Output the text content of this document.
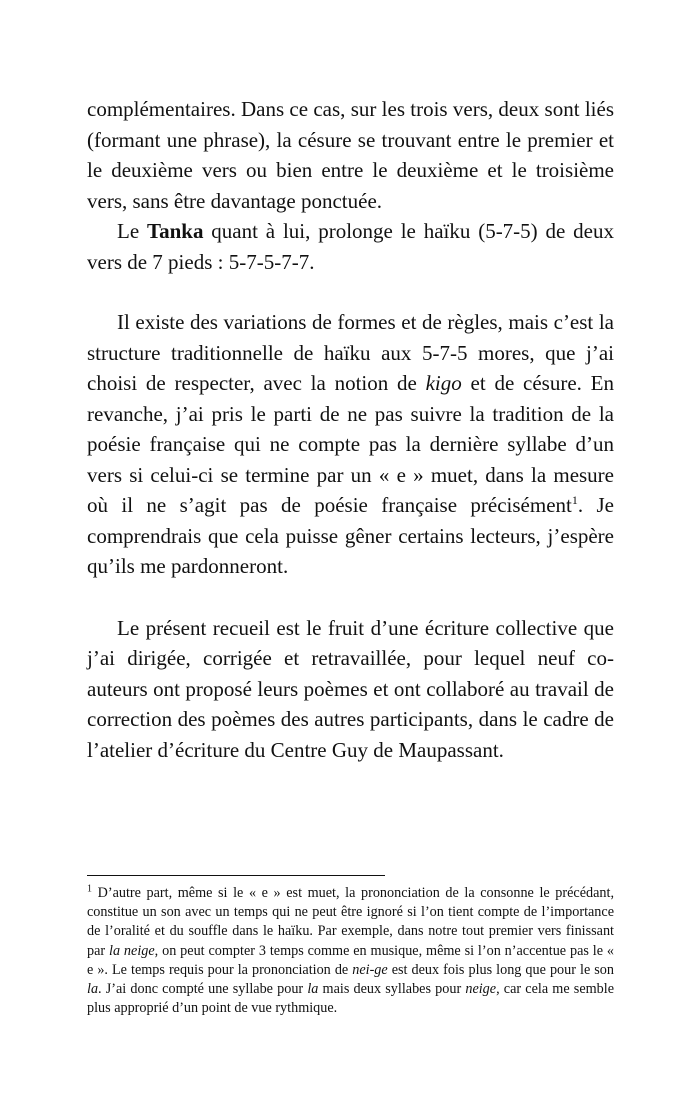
complémentaires. Dans ce cas, sur les trois vers, deux sont liés (formant une phrase), la césure se trouvant entre le premier et le deuxième vers ou bien entre le deuxième et le troisième vers, sans être davantage ponctuée.

Le Tanka quant à lui, prolonge le haïku (5-7-5) de deux vers de 7 pieds : 5-7-5-7-7.

Il existe des variations de formes et de règles, mais c’est la structure traditionnelle de haïku aux 5-7-5 mores, que j’ai choisi de respecter, avec la notion de kigo et de césure. En revanche, j’ai pris le parti de ne pas suivre la tradition de la poésie française qui ne compte pas la dernière syllabe d’un vers si celui-ci se termine par un « e » muet, dans la mesure où il ne s’agit pas de poésie française précisément$^1$. Je comprendrais que cela puisse gêner certains lecteurs, j’espère qu’ils me pardonneront.

Le présent recueil est le fruit d’une écriture collective que j’ai dirigée, corrigée et retravaillée, pour lequel neuf co-auteurs ont proposé leurs poèmes et ont collaboré au travail de correction des poèmes des autres participants, dans le cadre de l’atelier d’écriture du Centre Guy de Maupassant.

$^1$ D’autre part, même si le « e » est muet, la prononciation de la consonne le précédant, constitue un son avec un temps qui ne peut être ignoré si l’on tient compte de l’importance de l’oralité et du souffle dans le haïku. Par exemple, dans notre tout premier vers finissant par la neige, on peut compter 3 temps comme en musique, même si l’on n’accentue pas le « e ». Le temps requis pour la prononciation de nei-ge est deux fois plus long que pour le son la. J’ai donc compté une syllabe pour la mais deux syllabes pour neige, car cela me semble plus approprié d’un point de vue rythmique.
